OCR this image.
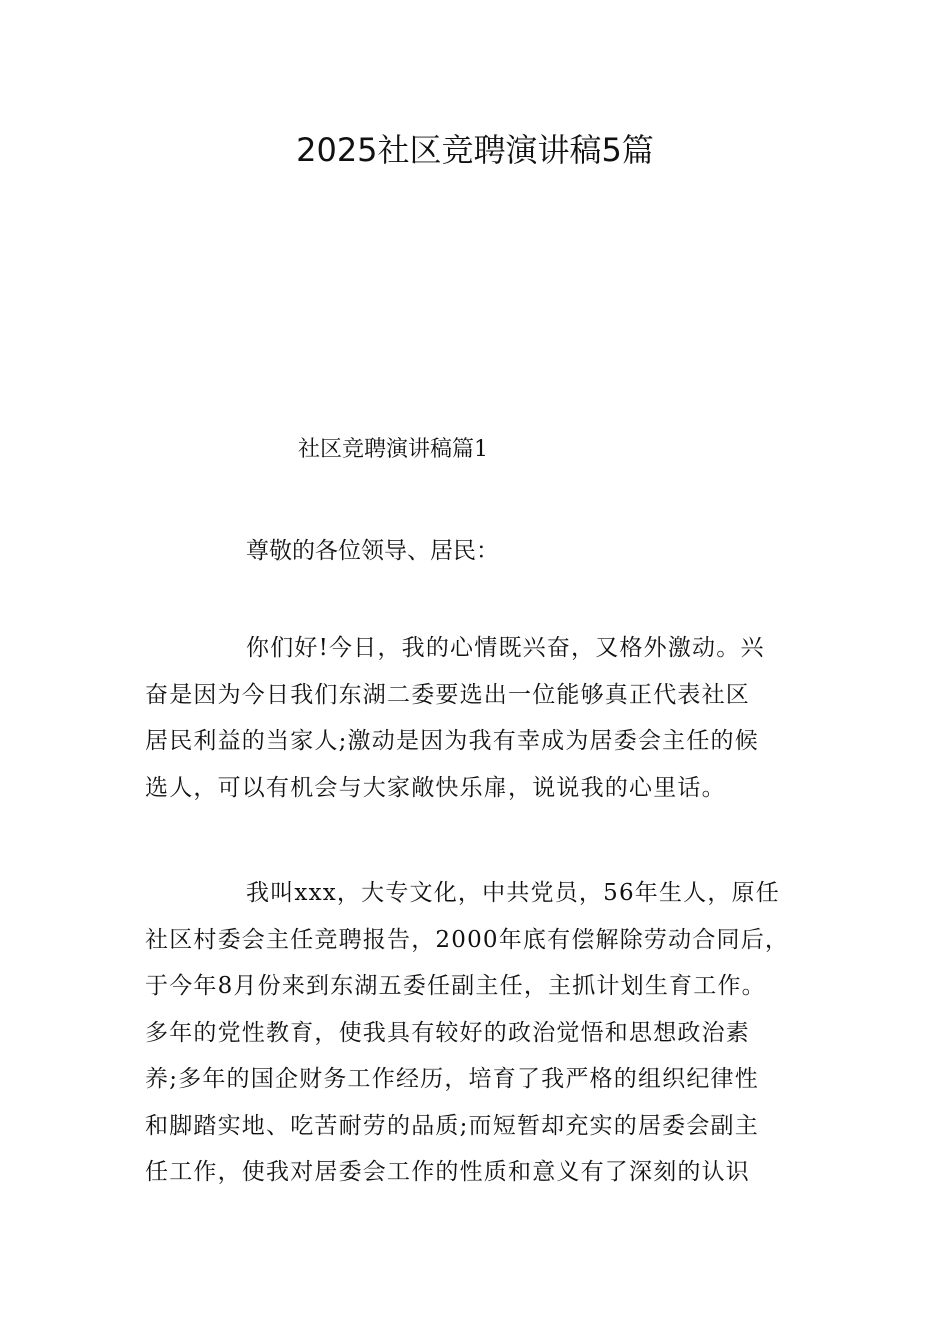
2025社区竞聘演讲稿5篇

社区竞聘演讲稿篇1

尊敬的各位领导、居民：

你们好!今日，我的心情既兴奋，又格外激动。兴
奋是因为今日我们东湖二委要选出一位能够真正代表社区
居民利益的当家人;激动是因为我有幸成为居委会主任的候
选人，可以有机会与大家敞快乐扉，说说我的心里话。
我叫xxx，大专文化，中共党员，56年生人，原任
社区村委会主任竞聘报告，2000年底有偿解除劳动合同后，
于今年8月份来到东湖五委任副主任，主抓计划生育工作。
多年的党性教育，使我具有较好的政治觉悟和思想政治素
养;多年的国企财务工作经历，培育了我严格的组织纪律性
和脚踏实地、吃苦耐劳的品质;而短暂却充实的居委会副主
任工作，使我对居委会工作的性质和意义有了深刻的认识
